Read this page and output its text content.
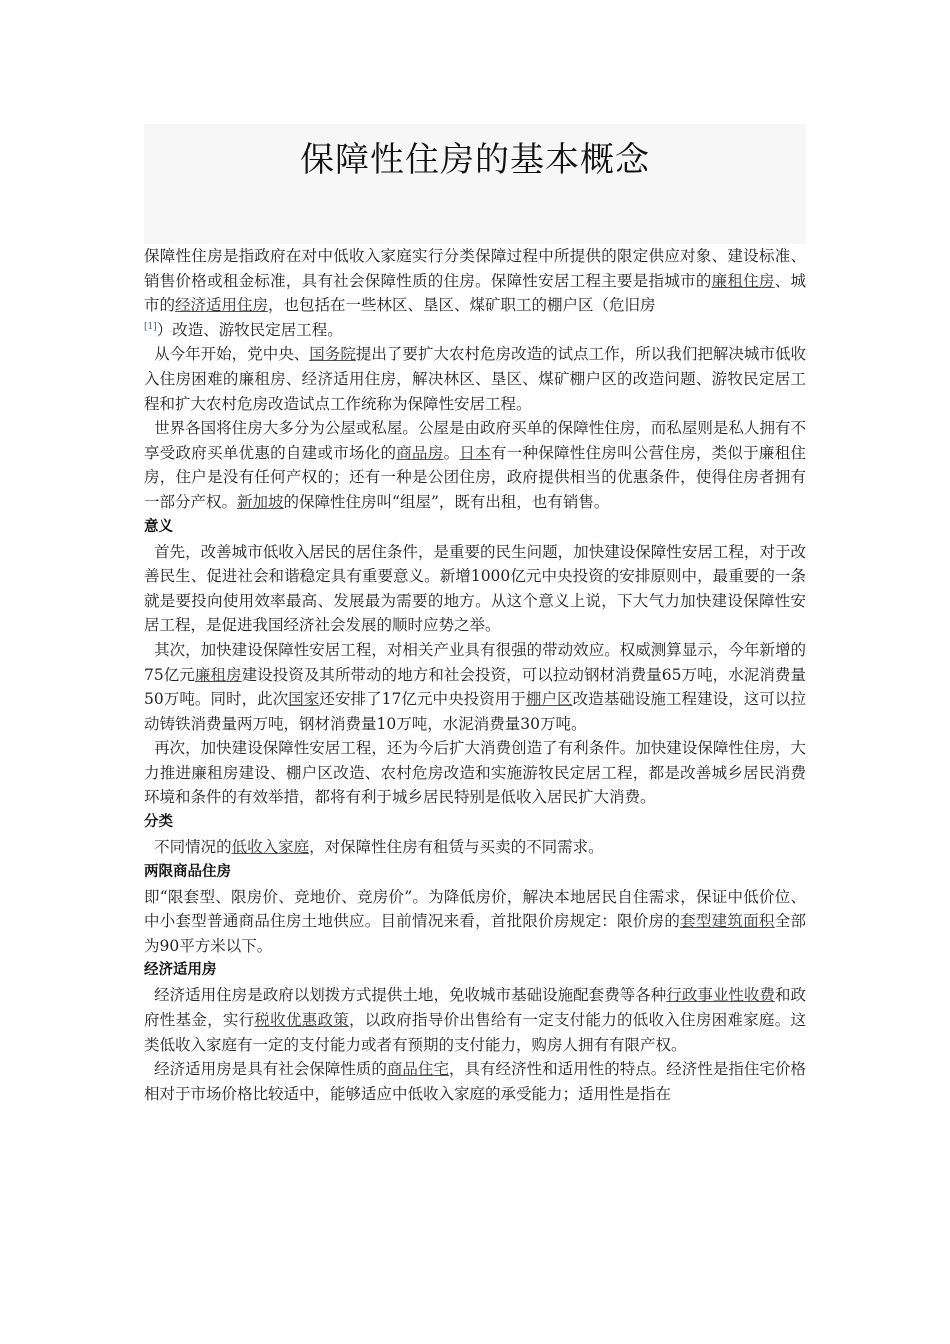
保障性住房的基本概念

保障性住房是指政府在对中低收入家庭实行分类保障过程中所提供的限定供应对象、建设标准、销售价格或租金标准，具有社会保障性质的住房。保障性安居工程主要是指城市的廉租住房、城市的经济适用住房，也包括在一些林区、垦区、煤矿职工的棚户区（危旧房
[1]）改造、游牧民定居工程。

从今年开始，党中央、国务院提出了要扩大农村危房改造的试点工作，所以我们把解决城市低收入住房困难的廉租房、经济适用住房，解决林区、垦区、煤矿棚户区的改造问题、游牧民定居工程和扩大农村危房改造试点工作统称为保障性安居工程。

世界各国将住房大多分为公屋或私屋。公屋是由政府买单的保障性住房，而私屋则是私人拥有不享受政府买单优惠的自建或市场化的商品房。日本有一种保障性住房叫公营住房，类似于廉租住房，住户是没有任何产权的；还有一种是公团住房，政府提供相当的优惠条件，使得住房者拥有一部分产权。新加坡的保障性住房叫“组屋”，既有出租，也有销售。

意义

首先，改善城市低收入居民的居住条件，是重要的民生问题，加快建设保障性安居工程，对于改善民生、促进社会和谐稳定具有重要意义。新增1000亿元中央投资的安排原则中，最重要的一条就是要投向使用效率最高、发展最为需要的地方。从这个意义上说，下大气力加快建设保障性安居工程，是促进我国经济社会发展的顺时应势之举。

其次，加快建设保障性安居工程，对相关产业具有很强的带动效应。权威测算显示，今年新增的75亿元廉租房建设投资及其所带动的地方和社会投资，可以拉动钢材消费量65万吨，水泥消费量50万吨。同时，此次国家还安排了17亿元中央投资用于棚户区改造基础设施工程建设，这可以拉动铸铁消费量两万吨，钢材消费量10万吨，水泥消费量30万吨。

再次，加快建设保障性安居工程，还为今后扩大消费创造了有利条件。加快建设保障性住房，大力推进廉租房建设、棚户区改造、农村危房改造和实施游牧民定居工程，都是改善城乡居民消费环境和条件的有效举措，都将有利于城乡居民特别是低收入居民扩大消费。

分类

不同情况的低收入家庭，对保障性住房有租赁与买卖的不同需求。

两限商品住房

即“限套型、限房价、竞地价、竞房价”。为降低房价，解决本地居民自住需求，保证中低价位、中小套型普通商品住房土地供应。目前情况来看，首批限价房规定：限价房的套型建筑面积全部为90平方米以下。

经济适用房

经济适用住房是政府以划拨方式提供土地，免收城市基础设施配套费等各种行政事业性收费和政府性基金，实行税收优惠政策，以政府指导价出售给有一定支付能力的低收入住房困难家庭。这类低收入家庭有一定的支付能力或者有预期的支付能力，购房人拥有有限产权。

经济适用房是具有社会保障性质的商品住宅，具有经济性和适用性的特点。经济性是指住宅价格相对于市场价格比较适中，能够适应中低收入家庭的承受能力；适用性是指在
